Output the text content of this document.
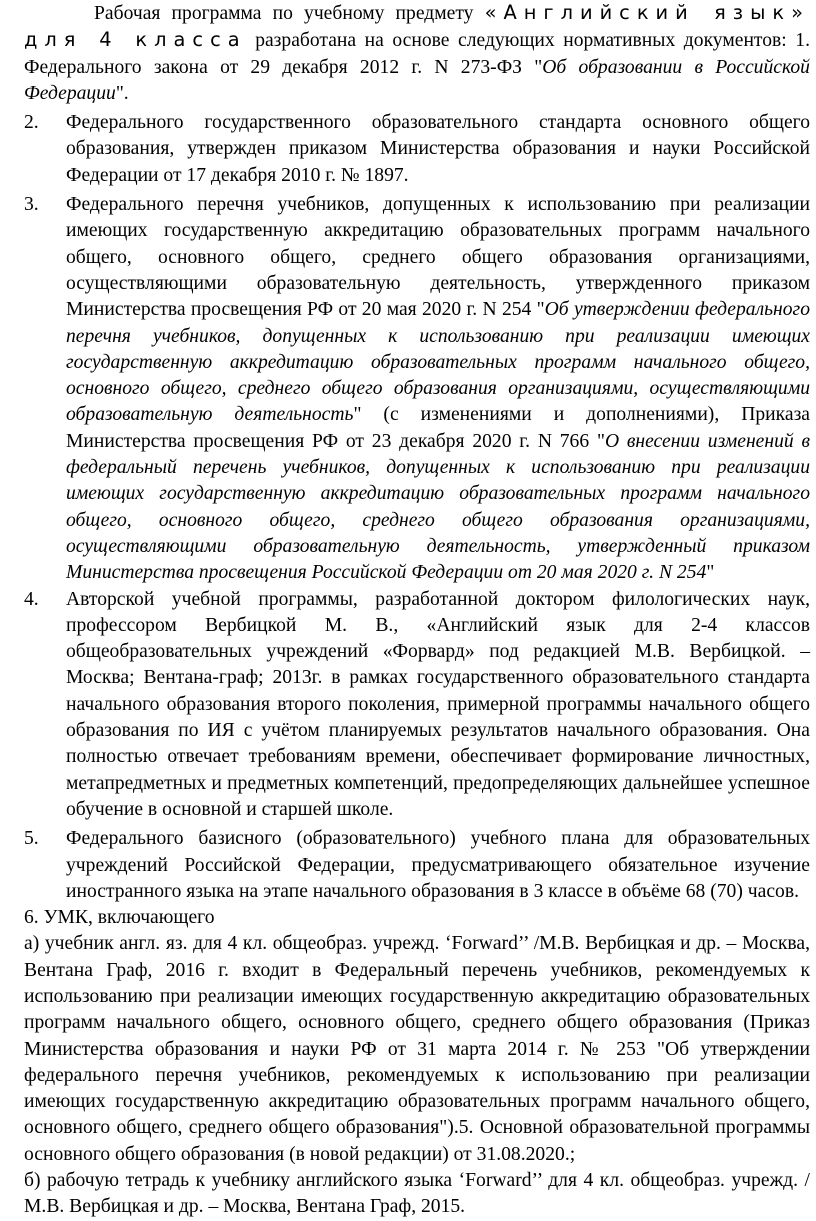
Рабочая программа по учебному предмету «Английский язык» для 4 класса разработана на основе следующих нормативных документов: 1. Федерального закона от 29 декабря 2012 г. N 273-ФЗ "Об образовании в Российской Федерации".

2.	Федерального государственного образовательного стандарта основного общего образования, утвержден приказом Министерства образования и науки Российской Федерации от 17 декабря 2010 г. № 1897.
3.	Федерального перечня учебников, допущенных к использованию при реализации имеющих государственную аккредитацию образовательных программ начального общего, основного общего, среднего общего образования организациями, осуществляющими образовательную деятельность, утвержденного приказом Министерства просвещения РФ от 20 мая 2020 г. N 254 "Об утверждении федерального перечня учебников, допущенных к использованию при реализации имеющих государственную аккредитацию образовательных программ начального общего, основного общего, среднего общего образования организациями, осуществляющими образовательную деятельность" (с изменениями и дополнениями), Приказа Министерства просвещения РФ от 23 декабря 2020 г. N 766 "О внесении изменений в федеральный перечень учебников, допущенных к использованию при реализации имеющих государственную аккредитацию образовательных программ начального общего, основного общего, среднего общего образования организациями, осуществляющими образовательную деятельность, утвержденный приказом Министерства просвещения Российской Федерации от 20 мая 2020 г. N 254"
4.	Авторской учебной программы, разработанной доктором филологических наук, профессором Вербицкой М. В., «Английский язык для 2-4 классов общеобразовательных учреждений «Форвард» под редакцией М.В. Вербицкой. – Москва; Вентана-граф; 2013г. в рамках государственного образовательного стандарта начального образования второго поколения, примерной программы начального общего образования по ИЯ с учётом планируемых результатов начального образования. Она полностью отвечает требованиям времени, обеспечивает формирование личностных, метапредметных и предметных компетенций, предопределяющих дальнейшее успешное обучение в основной и старшей школе.
5.	Федерального базисного (образовательного) учебного плана для образовательных учреждений Российской Федерации, предусматривающего обязательное изучение иностранного языка на этапе начального образования в 3 классе в объёме 68 (70) часов.

6. УМК, включающего

а) учебник англ. яз. для 4 кл. общеобраз. учрежд. ‘Forward’’ /М.В. Вербицкая и др. – Москва, Вентана Граф, 2016 г. входит в Федеральный перечень учебников, рекомендуемых к использованию при реализации имеющих государственную аккредитацию образовательных программ начального общего, основного общего, среднего общего образования (Приказ Министерства образования и науки РФ от 31 марта 2014 г. № 253 "Об утверждении федерального перечня учебников, рекомендуемых к использованию при реализации имеющих государственную аккредитацию образовательных программ начального общего, основного общего, среднего общего образования").5. Основной образовательной программы основного общего образования (в новой редакции) от 31.08.2020.;

б) рабочую тетрадь к учебнику английского языка ‘Forward’’ для 4 кл. общеобраз. учрежд. / М.В. Вербицкая и др. – Москва, Вентана Граф, 2015.
